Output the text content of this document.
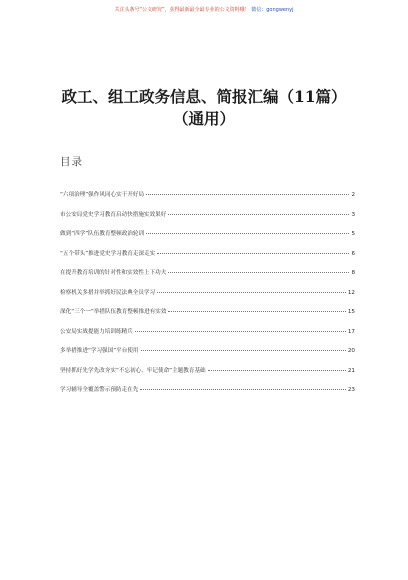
关注头条号“公文研究”，获得最新最全最专业的公文资料哦！ 微信：gongwenyj
政工、组工政务信息、简报汇编（11篇）
（通用）
目录
“六项治理”强作风同心实干开好局	2
市公安局党史学习教育启动快措施实效果好	3
做到“四学”队伍教育整顿政治轮训	5
“五个带头”推进党史学习教育走深走实	6
在提升教育培训的针对性和实效性上下功夫	8
检察机关多措并举抓好民法典全员学习	12
深化“三个一”举措队伍教育整顿推进有实效	15
公安局实战提能力培训练精兵	17
多举措推进“学习强国”平台使用	20
坚持抓好先学先改夯实“不忘初心、牢记使命”主题教育基础	21
学习辅导全覆盖警示预防走在先	23
